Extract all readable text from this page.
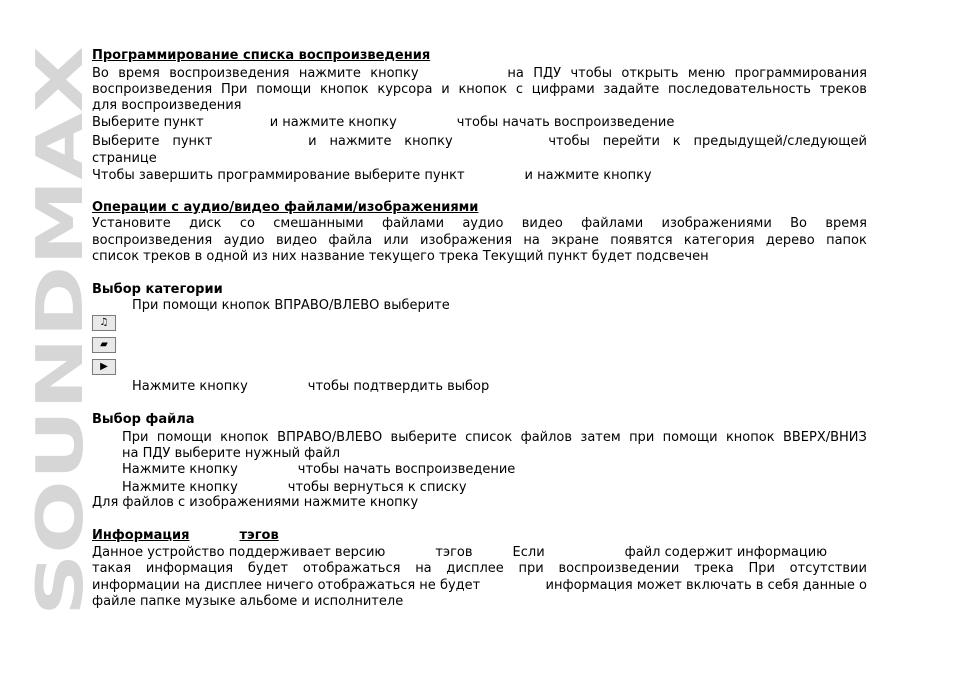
SOUNDMAX
Программирование списка воспроизведения
Во время воспроизведения нажмите кнопку	на ПДУ чтобы открыть меню программирования
воспроизведения При помощи кнопок курсора и кнопок с цифрами задайте последовательность треков
для воспроизведения
Выберите пункт	и нажмите кнопку	чтобы начать воспроизведение
Выберите пункт	и нажмите кнопку	чтобы перейти к предыдущей/следующей
странице
Чтобы завершить программирование выберите пункт	и нажмите кнопку
Операции с аудио/видео файлами/изображениями
Установите диск со смешанными файлами аудио видео файлами изображениями Во время
воспроизведения аудио видео файла или изображения на экране появятся категория дерево папок
список треков в одной из них название текущего трека Текущий пункт будет подсвечен
Выбор категории
При помощи кнопок ВПРАВО/ВЛЕВО выберите
♫
▰
▶
Нажмите кнопку	чтобы подтвердить выбор
Выбор файла
При помощи кнопок ВПРАВО/ВЛЕВО выберите список файлов затем при помощи кнопок ВВЕРХ/ВНИЗ
на ПДУ выберите нужный файл
Нажмите кнопку	чтобы начать воспроизведение
Нажмите кнопку	чтобы вернуться к списку
Для файлов с изображениями нажмите кнопку
Информация	тэгов
Данное устройство поддерживает версию	тэгов	Если	файл содержит информацию
такая информация будет отображаться на дисплее при воспроизведении трека При отсутствии
информации на дисплее ничего отображаться не будет	информация может включать в себя данные о
файле папке музыке альбоме и исполнителе
